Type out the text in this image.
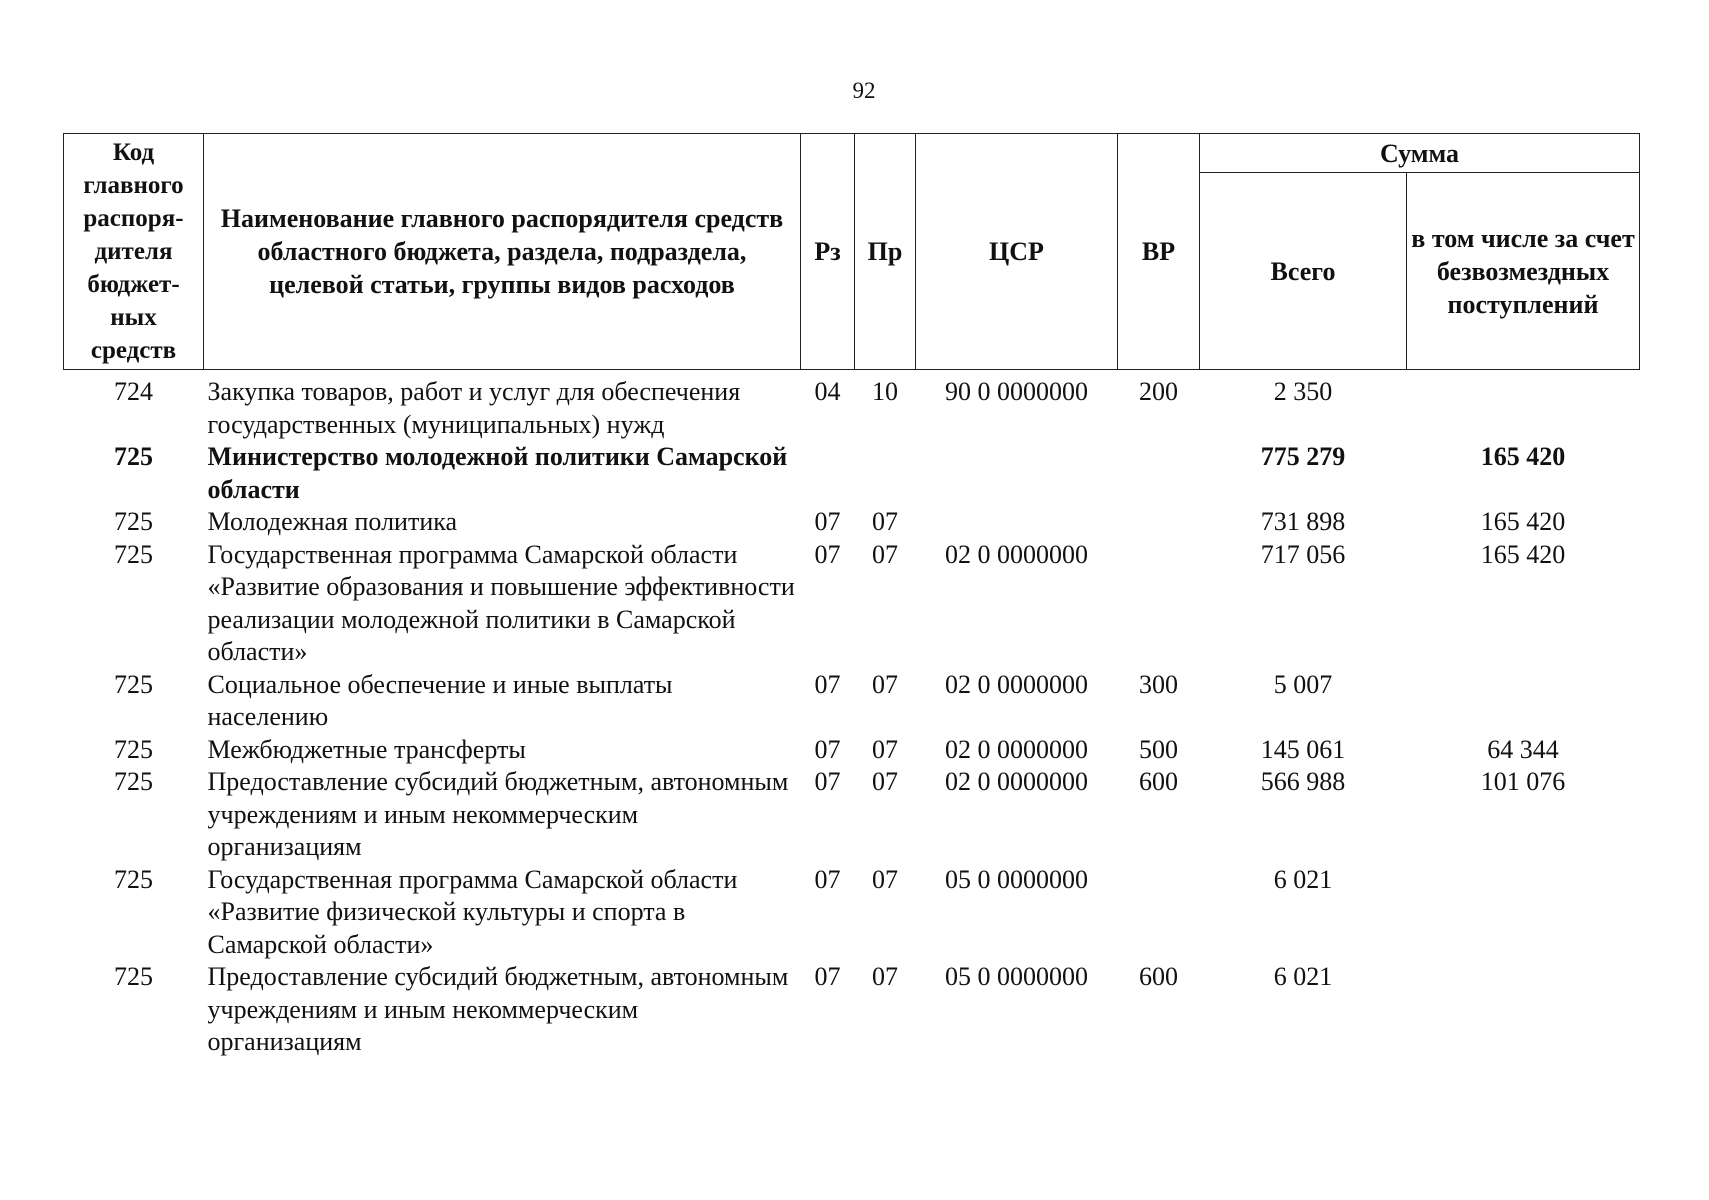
92
Код главного распоря-дителя бюджет-ных средств	Наименование главного распорядителя средств областного бюджета, раздела, подраздела, целевой статьи, группы видов расходов	Рз	Пр	ЦСР	ВР	Сумма	
						Всего	в том числе за счет безвозмездных поступлений
724	Закупка товаров, работ и услуг для обеспечения государственных (муниципальных) нужд	04	10	90 0 0000000	200	2 350	
725	Министерство молодежной политики Самарской области					775 279	165 420
725	Молодежная политика	07	07			731 898	165 420
725	Государственная программа Самарской области «Развитие образования и повышение эффективности реализации молодежной политики в Самарской области»	07	07	02 0 0000000		717 056	165 420
725	Социальное обеспечение и иные выплаты населению	07	07	02 0 0000000	300	5 007	
725	Межбюджетные трансферты	07	07	02 0 0000000	500	145 061	64 344
725	Предоставление субсидий бюджетным, автономным учреждениям и иным некоммерческим организациям	07	07	02 0 0000000	600	566 988	101 076
725	Государственная программа Самарской области «Развитие физической культуры и спорта в Самарской области»	07	07	05 0 0000000		6 021	
725	Предоставление субсидий бюджетным, автономным учреждениям и иным некоммерческим организациям	07	07	05 0 0000000	600	6 021	
